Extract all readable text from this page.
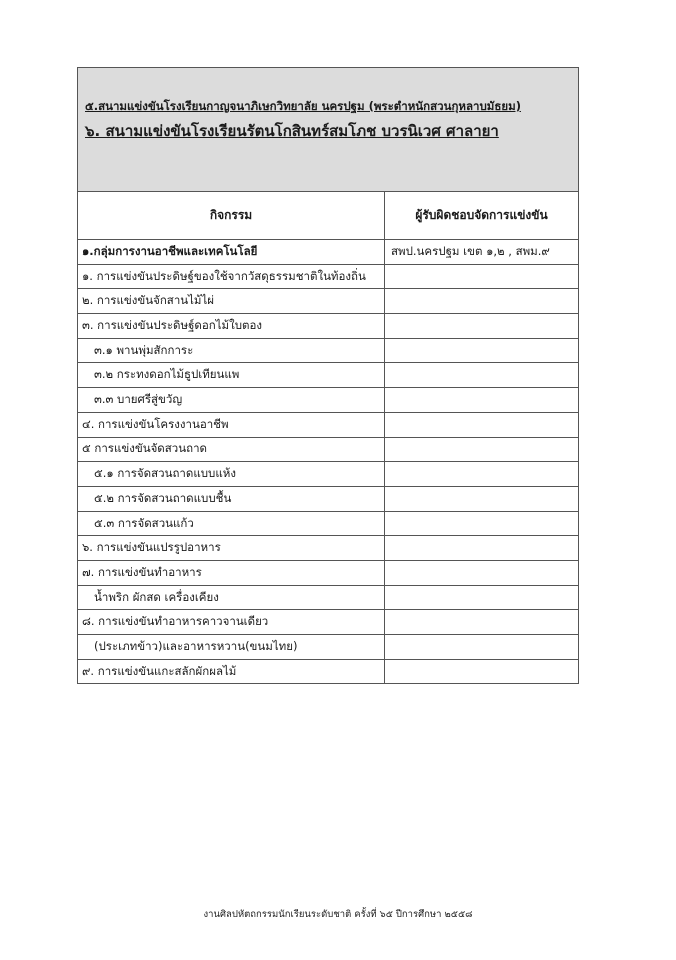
๕.สนามแข่งขันโรงเรียนกาญจนาภิเษกวิทยาลัย นครปฐม (พระตำหนักสวนกุหลาบมัธยม)
๖. สนามแข่งขันโรงเรียนรัตนโกสินทร์สมโภช บวรนิเวศ ศาลายา	

กิจกรรม	ผู้รับผิดชอบจัดการแข่งขัน
๑.กลุ่มการงานอาชีพและเทคโนโลยี	สพป.นครปฐม เขต ๑,๒ , สพม.๙
๑. การแข่งขันประดิษฐ์ของใช้จากวัสดุธรรมชาติในท้องถิ่น	
๒. การแข่งขันจักสานไม้ไผ่	
๓. การแข่งขันประดิษฐ์ดอกไม้ใบตอง	
๓.๑ พานพุ่มสักการะ	
๓.๒ กระทงดอกไม้ธูปเทียนแพ	
๓.๓ บายศรีสู่ขวัญ	
๔. การแข่งขันโครงงานอาชีพ	
๕ การแข่งขันจัดสวนถาด	
๕.๑ การจัดสวนถาดแบบแห้ง	
๕.๒ การจัดสวนถาดแบบชื้น	
๕.๓ การจัดสวนแก้ว	
๖. การแข่งขันแปรรูปอาหาร	
๗. การแข่งขันทำอาหาร	
น้ำพริก ผักสด เครื่องเคียง	
๘. การแข่งขันทำอาหารคาวจานเดียว	
(ประเภทข้าว)และอาหารหวาน(ขนมไทย)	
๙. การแข่งขันแกะสลักผักผลไม้	
งานศิลปหัตถกรรมนักเรียนระดับชาติ ครั้งที่ ๖๕ ปีการศึกษา ๒๕๕๘
